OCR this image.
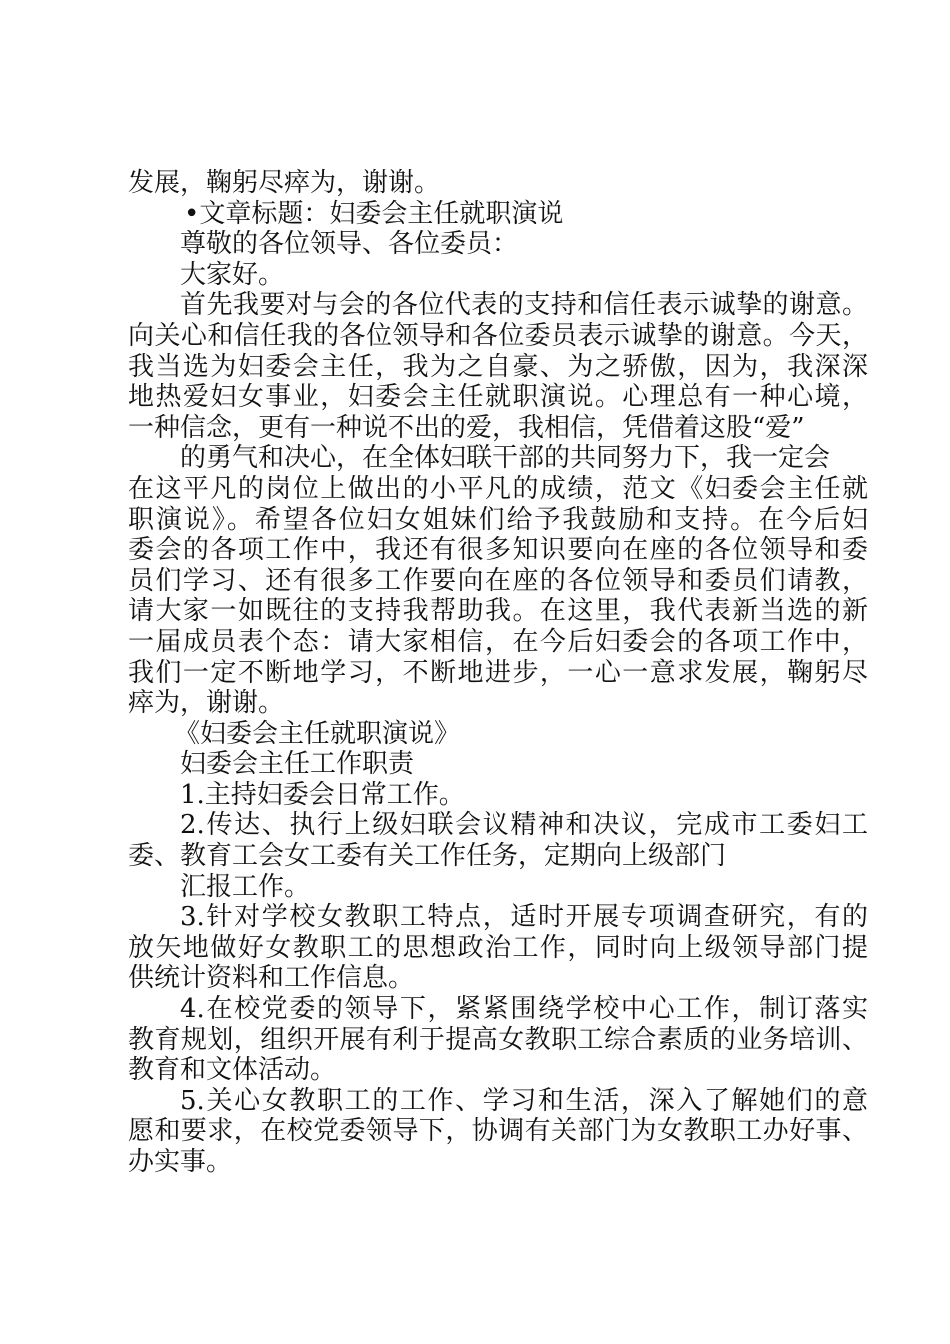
发展，鞠躬尽瘁为，谢谢。
•文章标题：妇委会主任就职演说
尊敬的各位领导、各位委员：
大家好。
首先我要对与会的各位代表的支持和信任表示诚挚的谢意。
向关心和信任我的各位领导和各位委员表示诚挚的谢意。今天，
我当选为妇委会主任，我为之自豪、为之骄傲，因为，我深深
地热爱妇女事业，妇委会主任就职演说。心理总有一种心境，
一种信念，更有一种说不出的爱，我相信，凭借着这股“爱”
的勇气和决心，在全体妇联干部的共同努力下，我一定会
在这平凡的岗位上做出的小平凡的成绩，范文《妇委会主任就
职演说》。希望各位妇女姐妹们给予我鼓励和支持。在今后妇
委会的各项工作中，我还有很多知识要向在座的各位领导和委
员们学习、还有很多工作要向在座的各位领导和委员们请教，
请大家一如既往的支持我帮助我。在这里，我代表新当选的新
一届成员表个态：请大家相信，在今后妇委会的各项工作中，
我们一定不断地学习，不断地进步，一心一意求发展，鞠躬尽
瘁为，谢谢。
《妇委会主任就职演说》
妇委会主任工作职责
1.主持妇委会日常工作。
2.传达、执行上级妇联会议精神和决议，完成市工委妇工
委、教育工会女工委有关工作任务，定期向上级部门
汇报工作。
3.针对学校女教职工特点，适时开展专项调查研究，有的
放矢地做好女教职工的思想政治工作，同时向上级领导部门提
供统计资料和工作信息。
4.在校党委的领导下，紧紧围绕学校中心工作，制订落实
教育规划，组织开展有利于提高女教职工综合素质的业务培训、
教育和文体活动。
5.关心女教职工的工作、学习和生活，深入了解她们的意
愿和要求，在校党委领导下，协调有关部门为女教职工办好事、
办实事。
